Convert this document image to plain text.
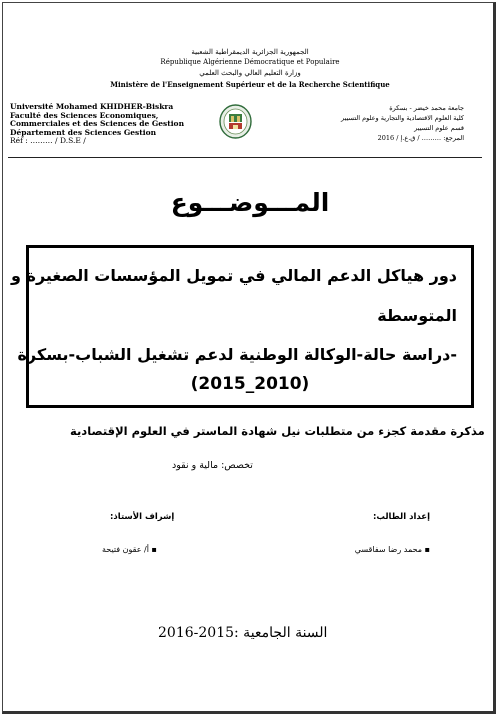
الجمهورية الجزائرية الديمقراطية الشعبية
République Algérienne Démocratique et Populaire
وزارة التعليم العالي والبحث العلمي
Ministère de l'Enseignement Supérieur et de la Recherche Scientifique
Université Mohamed KHIDHER-Biskra
Faculté des Sciences Economiques,
Commerciales et des Sciences de Gestion
Département des Sciences Gestion
Réf : ……… / D.S.E /
جامعة محمد خيضر - بسكرة
كلية العلوم الاقتصادية والتجارية وعلوم التسيير
قسم علوم التسيير
المرجع: ……… / ق.ع.إ / 2016
المـــوضـــوع
دور هياكل الدعم المالي في تمويل المؤسسات الصغيرة و
المتوسطة
-دراسة حالة-الوكالة الوطنية لدعم تشغيل الشباب-بسكرة
(2015_2010)
مذكرة مقدمة كجزء من متطلبات نيل شهادة الماستر في العلوم الإقتصادية
تخصص: مالية و نقود
إعداد الطالب:
إشراف الأستاذ:
▪ محمد رضا سفاقسي
▪ أ/ عقون فتيحة
السنة الجامعية :2015-2016
